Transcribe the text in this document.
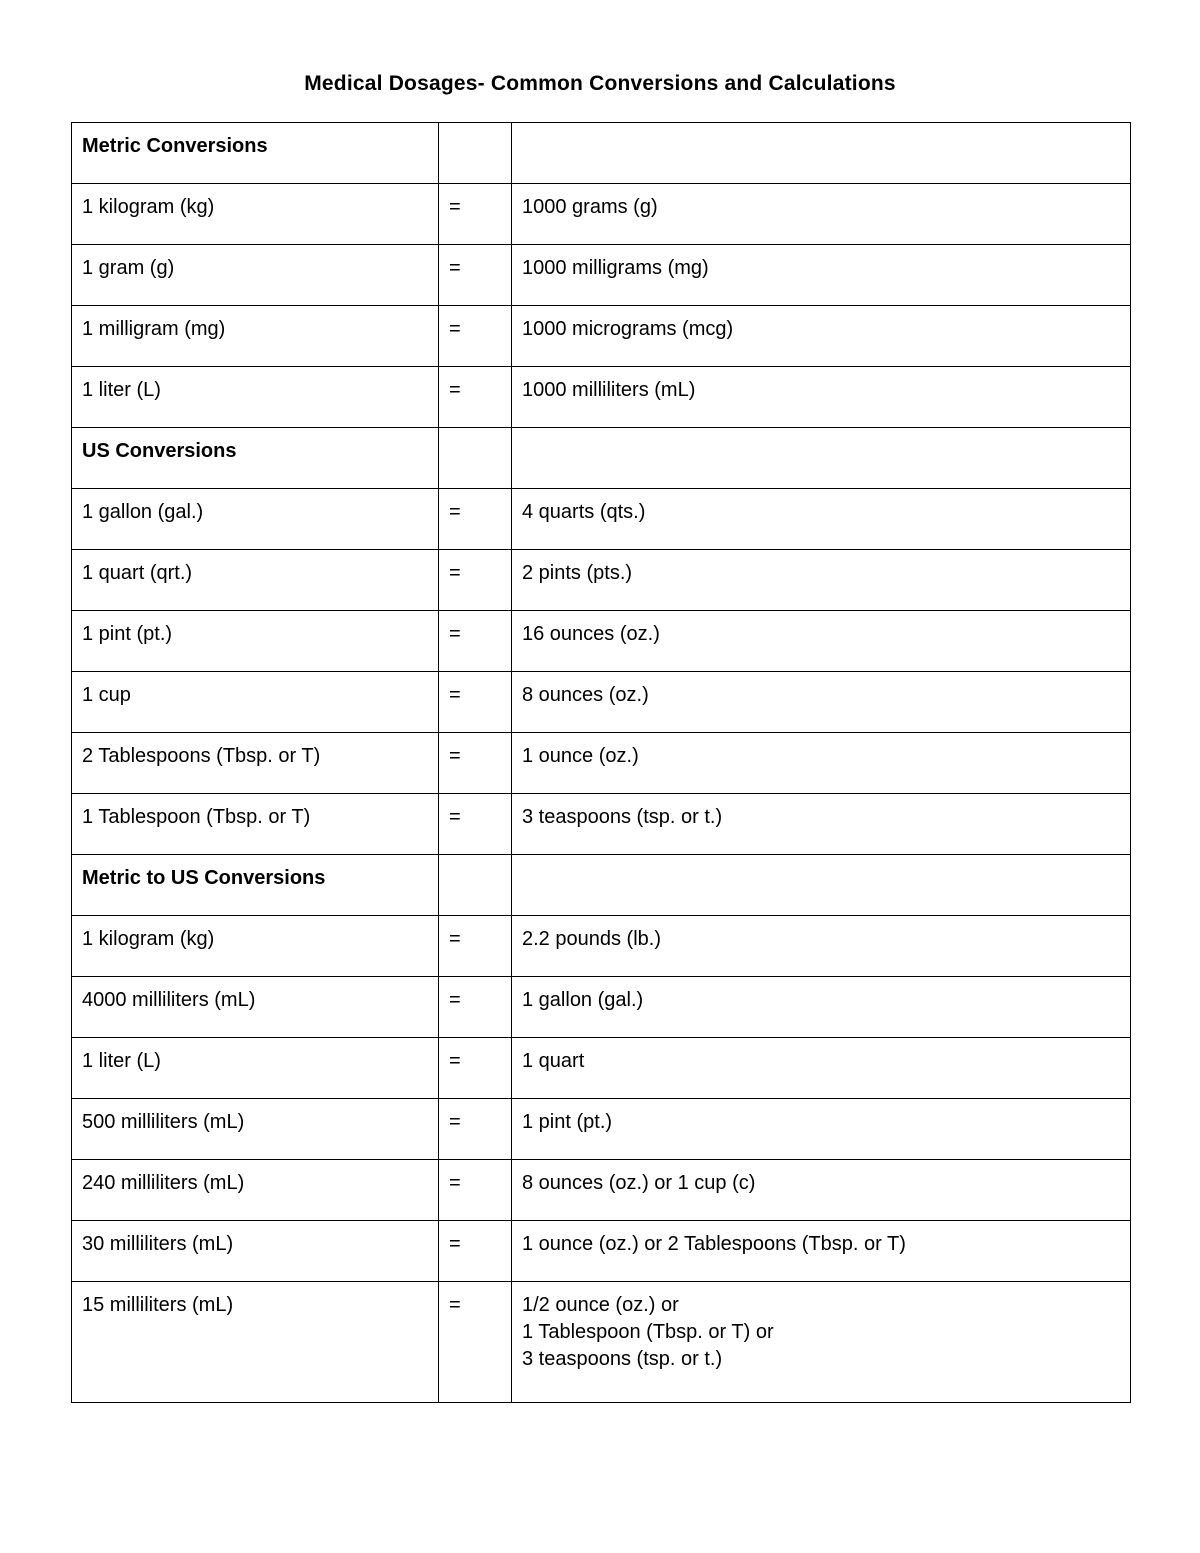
Medical Dosages- Common Conversions and Calculations
Metric Conversions		
1 kilogram (kg)	=	1000 grams (g)
1 gram (g)	=	1000 milligrams (mg)
1 milligram (mg)	=	1000 micrograms (mcg)
1 liter (L)	=	1000 milliliters (mL)
US Conversions		
1 gallon (gal.)	=	4 quarts (qts.)
1 quart (qrt.)	=	2 pints (pts.)
1 pint (pt.)	=	16 ounces (oz.)
1 cup	=	8 ounces (oz.)
2 Tablespoons (Tbsp. or T)	=	1 ounce (oz.)
1 Tablespoon (Tbsp. or T)	=	3 teaspoons (tsp. or t.)
Metric to US Conversions		
1 kilogram (kg)	=	2.2 pounds (lb.)
4000 milliliters (mL)	=	1 gallon (gal.)
1 liter (L)	=	1 quart
500 milliliters (mL)	=	1 pint (pt.)
240 milliliters (mL)	=	8 ounces (oz.) or 1 cup (c)
30 milliliters (mL)	=	1 ounce (oz.) or 2 Tablespoons (Tbsp. or T)
15 milliliters (mL)	=	1/2 ounce (oz.) or
1 Tablespoon (Tbsp. or T) or
3 teaspoons (tsp. or t.)
